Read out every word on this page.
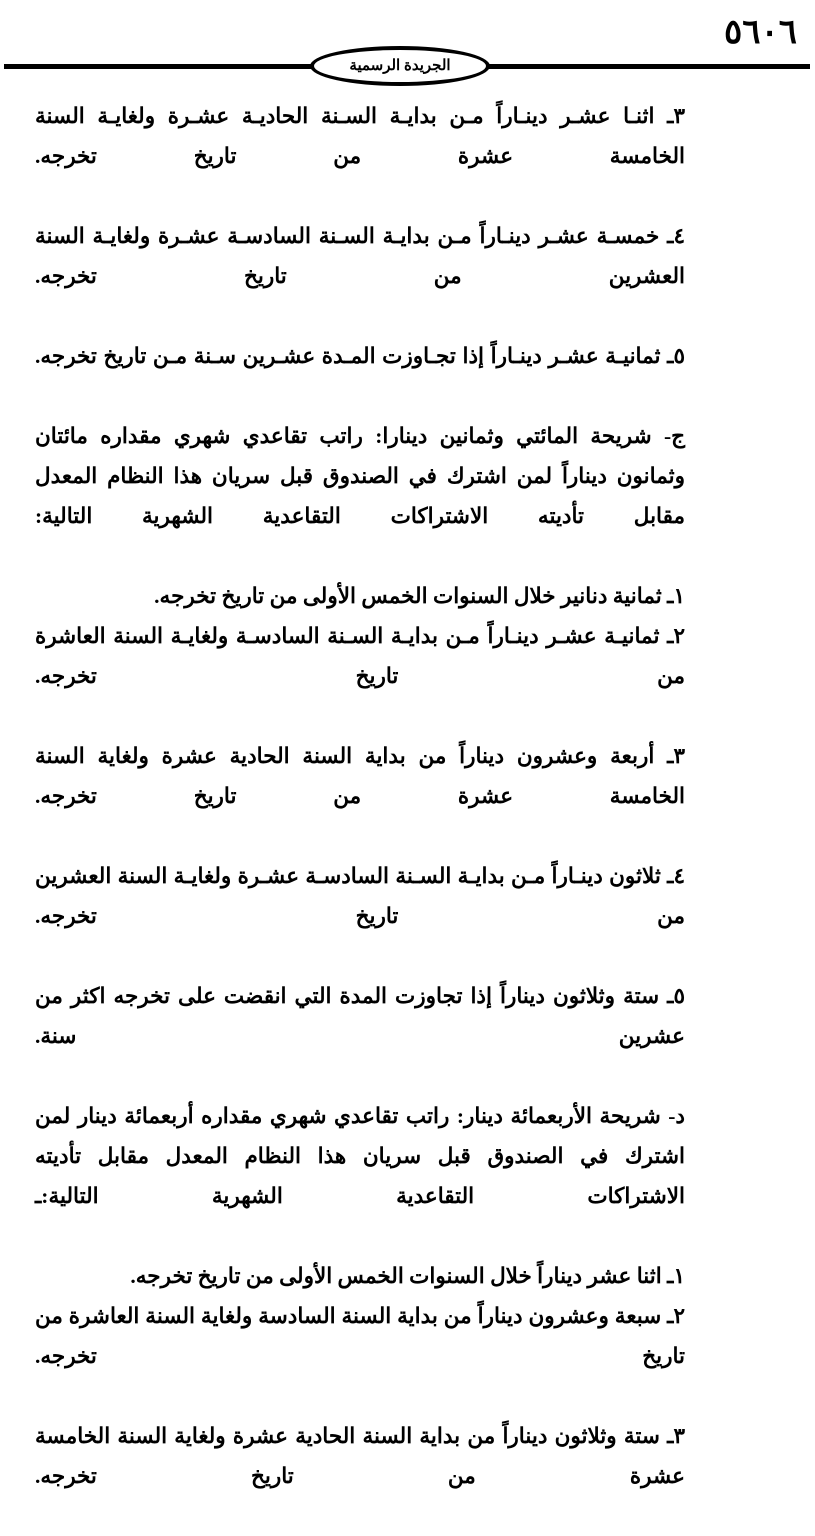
٥٦٠٦
الجريدة الرسمية

٣ـ اثنـا عشـر دينـاراً مـن بدايـة السـنة الحاديـة عشـرة ولغايـة السنة الخامسة عشرة من تاريخ تخرجه.

٤ـ خمسـة عشـر دينـاراً مـن بدايـة السـنة السادسـة عشـرة ولغايـة السنة العشرين من تاريخ تخرجه.

٥ـ ثمانيـة عشـر دينـاراً إذا تجـاوزت المـدة عشـرين سـنة مـن تاريخ تخرجه.

ج- شريحة المائتي وثمانين دينارا: راتب تقاعدي شهري مقداره مائتان وثمانون ديناراً لمن اشترك في الصندوق قبل سريان هذا النظام المعدل مقابل تأديته الاشتراكات التقاعدية الشهرية التالية:

١ـ ثمانية دنانير خلال السنوات الخمس الأولى من تاريخ تخرجه.

٢ـ ثمانيـة عشـر دينـاراً مـن بدايـة السـنة السادسـة ولغايـة السنة العاشرة من تاريخ تخرجه.

٣ـ أربعة وعشرون ديناراً من بداية السنة الحادية عشرة ولغاية السنة الخامسة عشرة من تاريخ تخرجه.

٤ـ ثلاثون دينـاراً مـن بدايـة السـنة السادسـة عشـرة ولغايـة السنة العشرين من تاريخ تخرجه.

٥ـ ستة وثلاثون ديناراً إذا تجاوزت المدة التي انقضت على تخرجه اكثر من عشرين سنة.

د- شريحة الأربعمائة دينار: راتب تقاعدي شهري مقداره أربعمائة دينار لمن اشترك في الصندوق قبل سريان هذا النظام المعدل مقابل تأديته الاشتراكات التقاعدية الشهرية التالية:ـ

١ـ اثنا عشر ديناراً خلال السنوات الخمس الأولى من تاريخ تخرجه.

٢ـ سبعة وعشرون ديناراً من بداية السنة السادسة ولغاية السنة العاشرة من تاريخ تخرجه.

٣ـ ستة وثلاثون ديناراً من بداية السنة الحادية عشرة ولغاية السنة الخامسة عشرة من تاريخ تخرجه.
